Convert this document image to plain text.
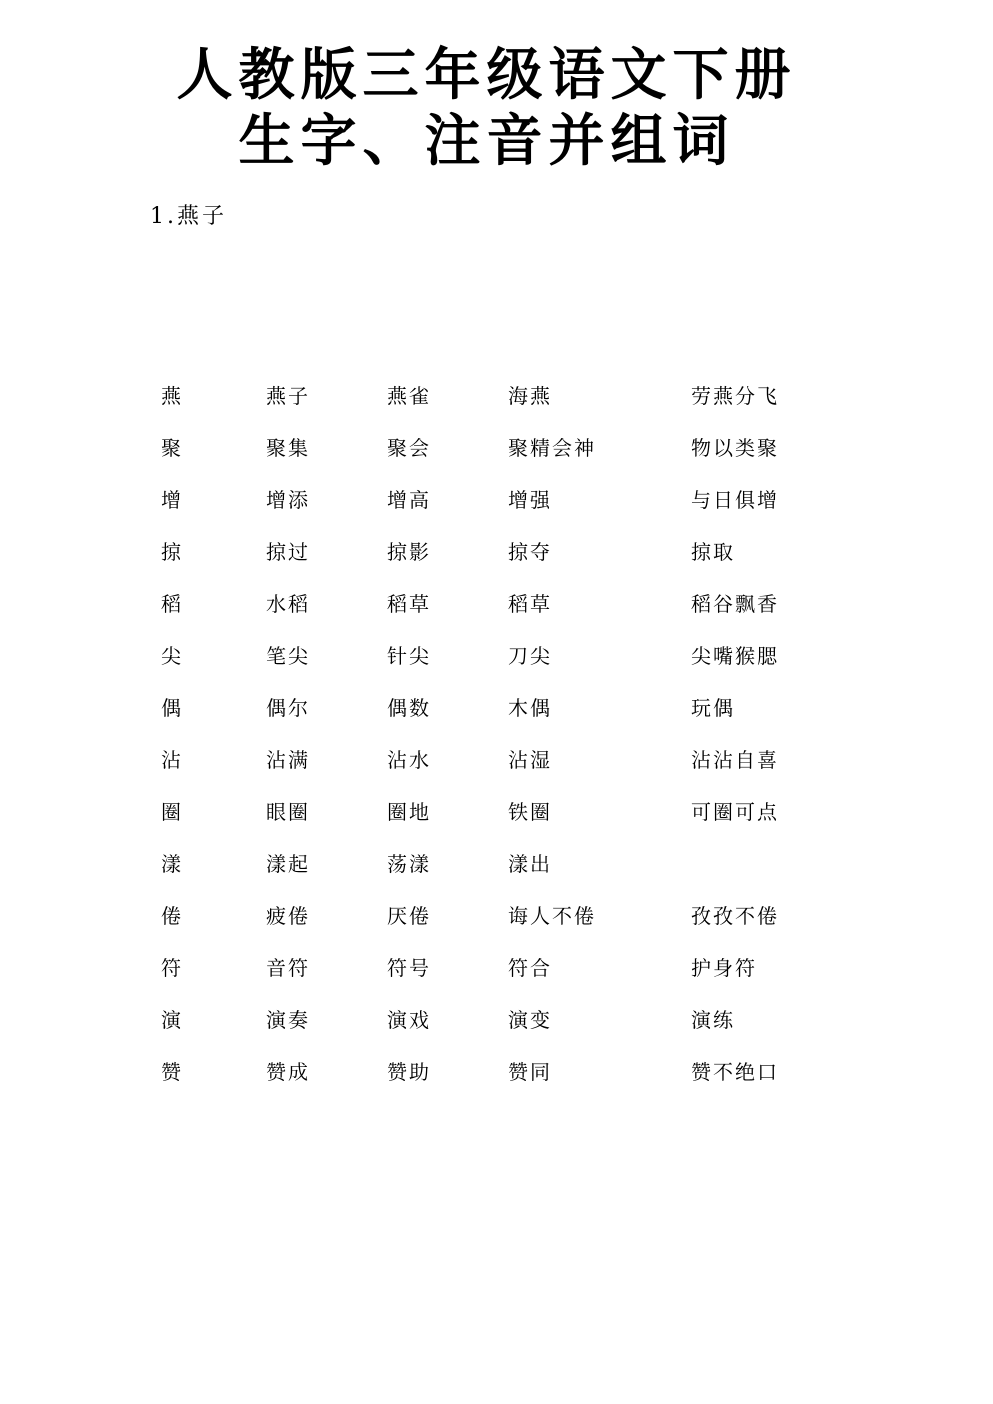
人教版三年级语文下册
生字、注音并组词
1.燕子
燕	燕子	燕雀	海燕	劳燕分飞
聚	聚集	聚会	聚精会神	物以类聚
增	增添	增高	增强	与日俱增
掠	掠过	掠影	掠夺	掠取
稻	水稻	稻草	稻草	稻谷飘香
尖	笔尖	针尖	刀尖	尖嘴猴腮
偶	偶尔	偶数	木偶	玩偶
沾	沾满	沾水	沾湿	沾沾自喜
圈	眼圈	圈地	铁圈	可圈可点
漾	漾起	荡漾	漾出
倦	疲倦	厌倦	诲人不倦	孜孜不倦
符	音符	符号	符合	护身符
演	演奏	演戏	演变	演练
赞	赞成	赞助	赞同	赞不绝口
